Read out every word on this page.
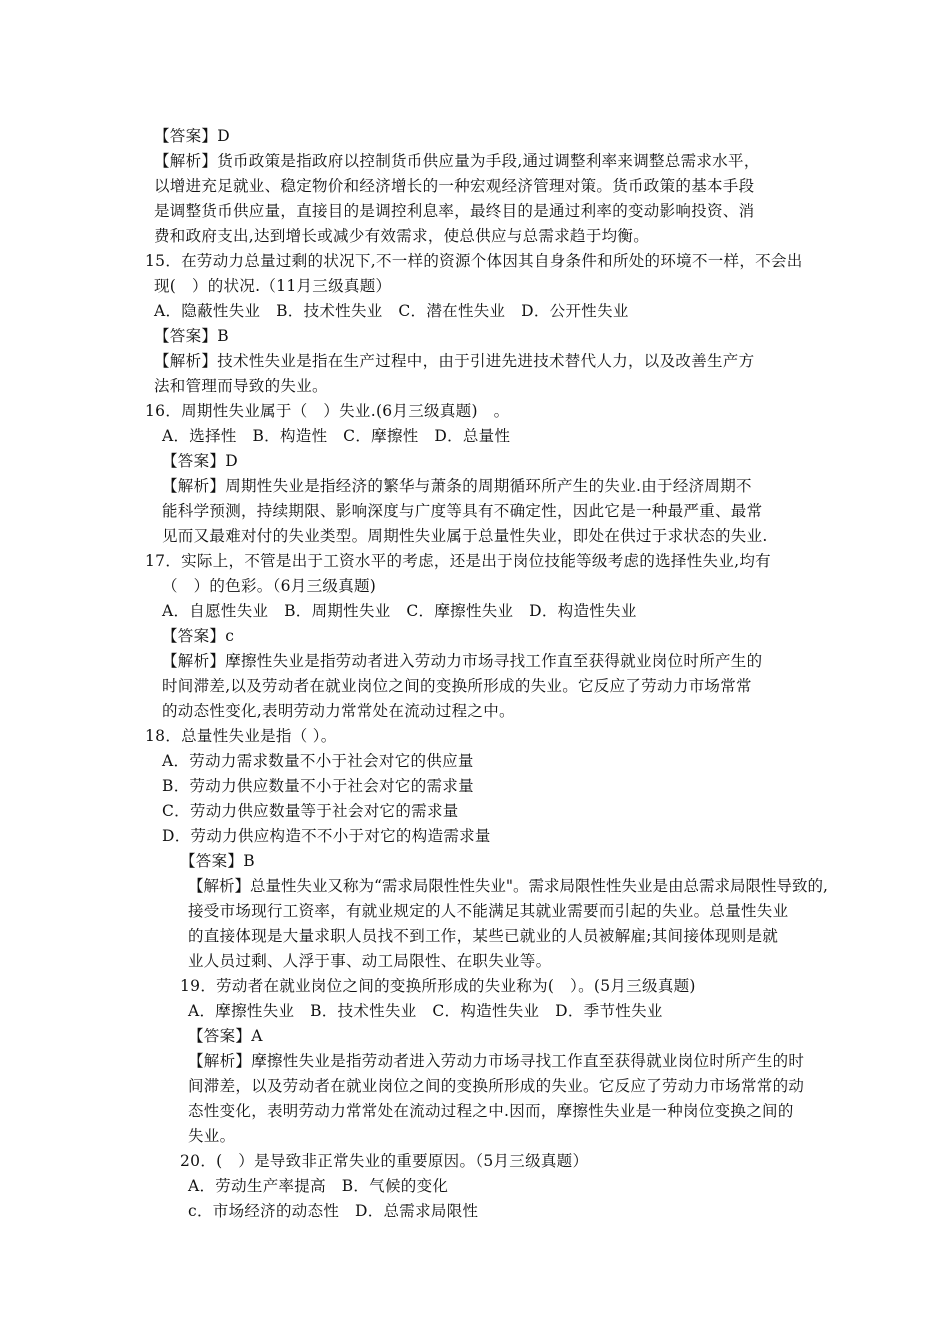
【答案】D
【解析】货币政策是指政府以控制货币供应量为手段,通过调整利率来调整总需求水平，
以增进充足就业、稳定物价和经济增长的一种宏观经济管理对策。货币政策的基本手段
是调整货币供应量，直接目的是调控利息率，最终目的是通过利率的变动影响投资、消
费和政府支出,达到增长或减少有效需求，使总供应与总需求趋于均衡。
15．在劳动力总量过剩的状况下,不一样的资源个体因其自身条件和所处的环境不一样，不会出
现(　）的状况.（11月三级真题）
A．隐蔽性失业　B．技术性失业　C．潜在性失业　D．公开性失业
【答案】B
【解析】技术性失业是指在生产过程中，由于引进先进技术替代人力，以及改善生产方
法和管理而导致的失业。
16．周期性失业属于（　）失业.(6月三级真题)　。
A．选择性　B．构造性　C．摩擦性　D．总量性
【答案】D
【解析】周期性失业是指经济的繁华与萧条的周期循环所产生的失业.由于经济周期不
能科学预测，持续期限、影响深度与广度等具有不确定性，因此它是一种最严重、最常
见而又最难对付的失业类型。周期性失业属于总量性失业，即处在供过于求状态的失业.
17．实际上，不管是出于工资水平的考虑，还是出于岗位技能等级考虑的选择性失业,均有
（　）的色彩。（6月三级真题)
A．自愿性失业　B．周期性失业　C．摩擦性失业　D．构造性失业
【答案】c
【解析】摩擦性失业是指劳动者进入劳动力市场寻找工作直至获得就业岗位时所产生的
时间滞差,以及劳动者在就业岗位之间的变换所形成的失业。它反应了劳动力市场常常
的动态性变化,表明劳动力常常处在流动过程之中。
18．总量性失业是指（ ）。
A．劳动力需求数量不小于社会对它的供应量
B．劳动力供应数量不小于社会对它的需求量
C．劳动力供应数量等于社会对它的需求量
D．劳动力供应构造不不小于对它的构造需求量
【答案】B
【解析】总量性失业又称为“需求局限性性失业"。需求局限性性失业是由总需求局限性导致的,
接受市场现行工资率，有就业规定的人不能满足其就业需要而引起的失业。总量性失业
的直接体现是大量求职人员找不到工作，某些已就业的人员被解雇;其间接体现则是就
业人员过剩、人浮于事、动工局限性、在职失业等。
19．劳动者在就业岗位之间的变换所形成的失业称为(　）。(5月三级真题)
A．摩擦性失业　B．技术性失业　C．构造性失业　D．季节性失业
【答案】A
【解析】摩擦性失业是指劳动者进入劳动力市场寻找工作直至获得就业岗位时所产生的时
间滞差，以及劳动者在就业岗位之间的变换所形成的失业。它反应了劳动力市场常常的动
态性变化，表明劳动力常常处在流动过程之中.因而，摩擦性失业是一种岗位变换之间的
失业。
20．(　）是导致非正常失业的重要原因。（5月三级真题）
A．劳动生产率提高　B．气候的变化
c．市场经济的动态性　D．总需求局限性
